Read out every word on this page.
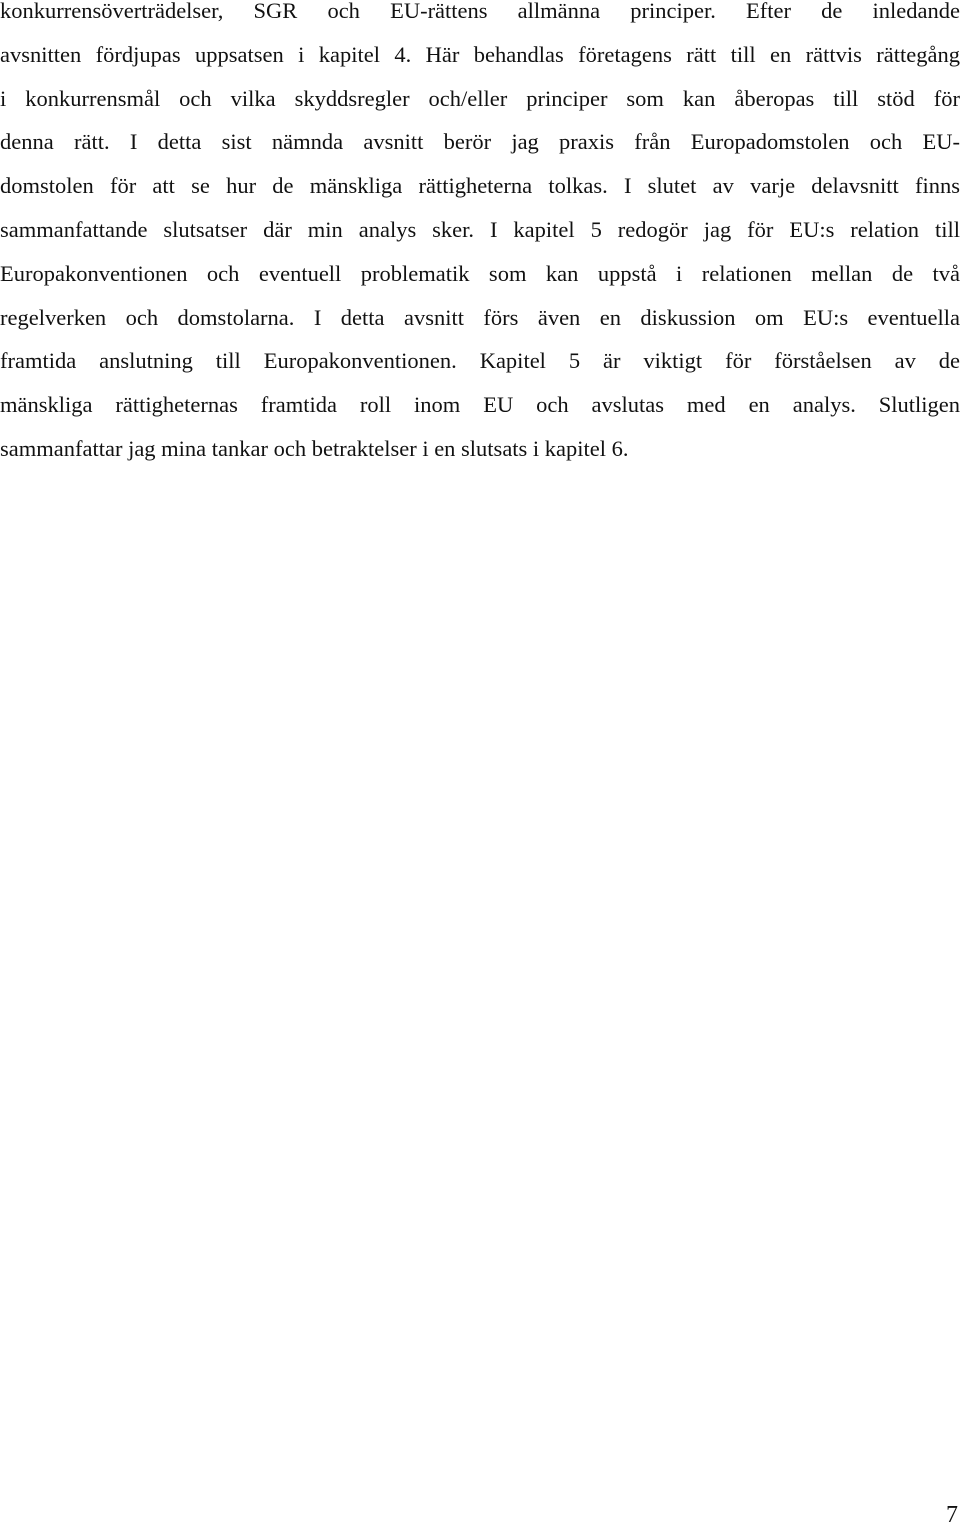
konkurrensöverträdelser, SGR och EU-rättens allmänna principer. Efter de inledande
avsnitten fördjupas uppsatsen i kapitel 4. Här behandlas företagens rätt till en rättvis rättegång
i konkurrensmål och vilka skyddsregler och/eller principer som kan åberopas till stöd för
denna rätt. I detta sist nämnda avsnitt berör jag praxis från Europadomstolen och EU-
domstolen för att se hur de mänskliga rättigheterna tolkas. I slutet av varje delavsnitt finns
sammanfattande slutsatser där min analys sker. I kapitel 5 redogör jag för EU:s relation till
Europakonventionen och eventuell problematik som kan uppstå i relationen mellan de två
regelverken och domstolarna. I detta avsnitt förs även en diskussion om EU:s eventuella
framtida anslutning till Europakonventionen. Kapitel 5 är viktigt för förståelsen av de
mänskliga rättigheternas framtida roll inom EU och avslutas med en analys. Slutligen
sammanfattar jag mina tankar och betraktelser i en slutsats i kapitel 6.
7
